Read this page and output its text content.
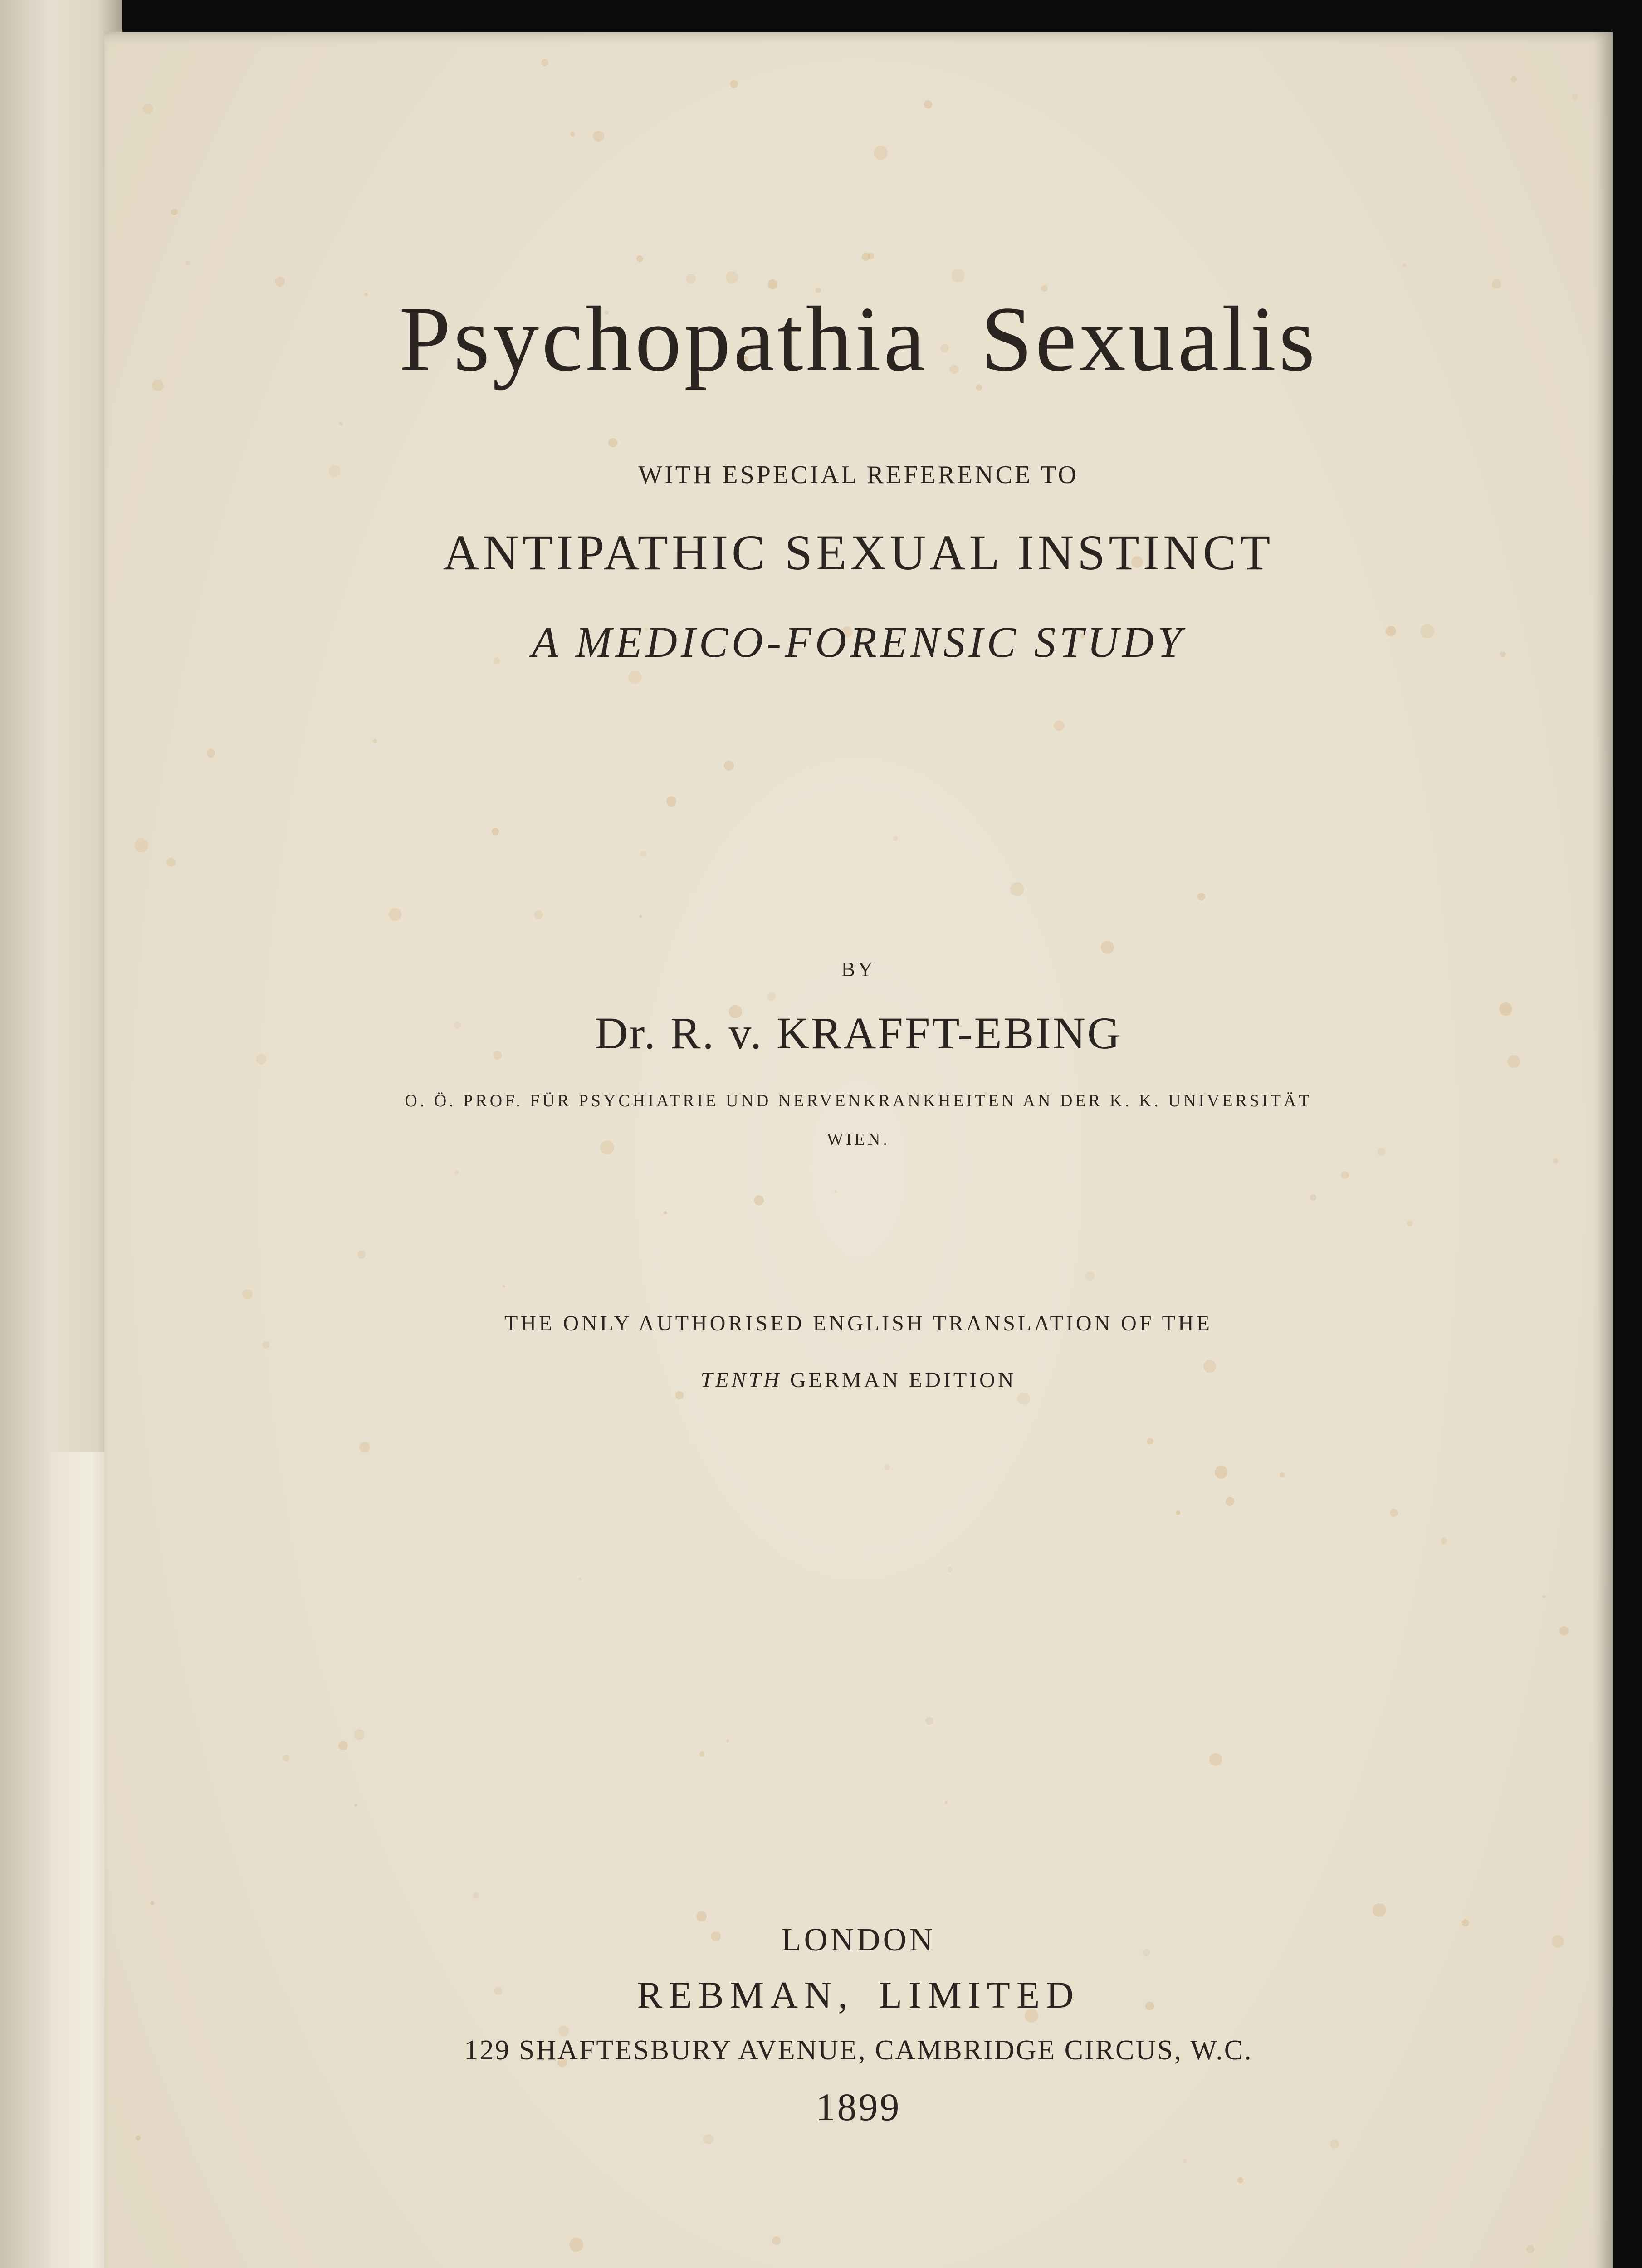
Psychopathia Sexualis
WITH ESPECIAL REFERENCE TO
ANTIPATHIC SEXUAL INSTINCT
A MEDICO-FORENSIC STUDY
BY
Dr. R. v. KRAFFT-EBING
O. Ö. PROF. FÜR PSYCHIATRIE UND NERVENKRANKHEITEN AN DER K. K. UNIVERSITÄT
WIEN.
THE ONLY AUTHORISED ENGLISH TRANSLATION OF THE
TENTH GERMAN EDITION
LONDON
REBMAN, LIMITED
129 SHAFTESBURY AVENUE, CAMBRIDGE CIRCUS, W.C.
1899
